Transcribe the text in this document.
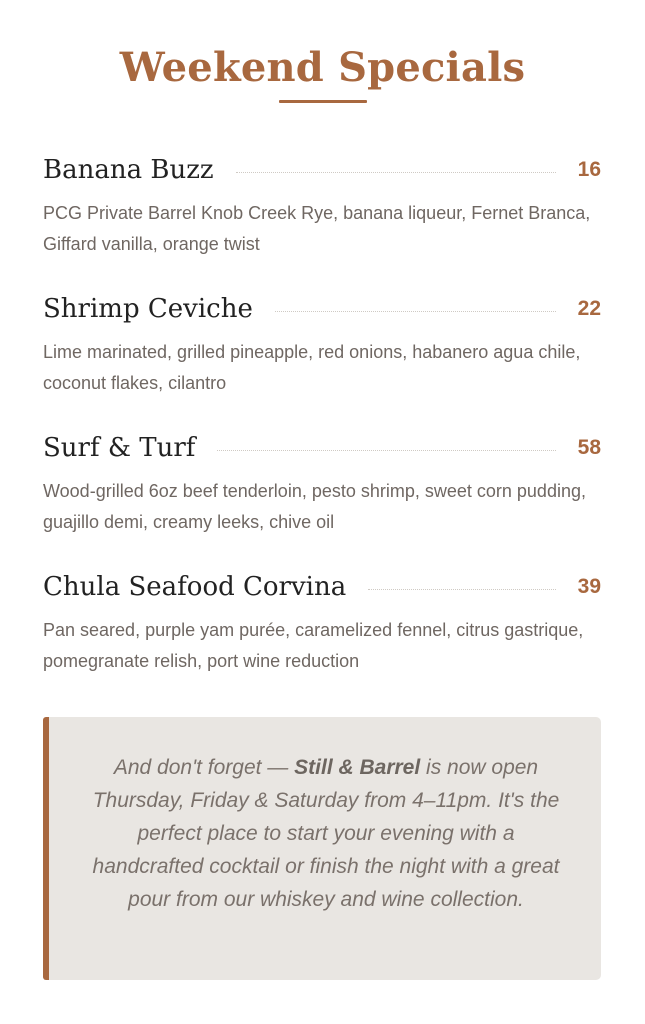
Weekend Specials
Banana Buzz	16
PCG Private Barrel Knob Creek Rye, banana liqueur, Fernet Branca, Giffard vanilla, orange twist
Shrimp Ceviche	22
Lime marinated, grilled pineapple, red onions, habanero agua chile, coconut flakes, cilantro
Surf & Turf	58
Wood-grilled 6oz beef tenderloin, pesto shrimp, sweet corn pudding, guajillo demi, creamy leeks, chive oil
Chula Seafood Corvina	39
Pan seared, purple yam purée, caramelized fennel, citrus gastrique, pomegranate relish, port wine reduction
And don't forget — Still & Barrel is now open Thursday, Friday & Saturday from 4–11pm. It's the perfect place to start your evening with a handcrafted cocktail or finish the night with a great pour from our whiskey and wine collection.
